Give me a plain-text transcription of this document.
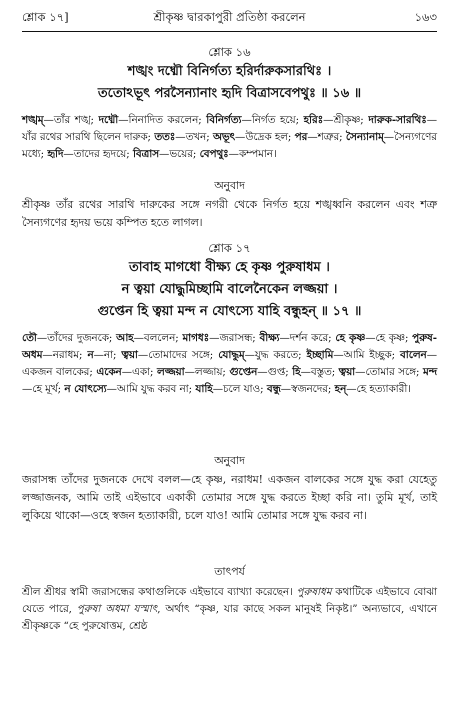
শ্লোক ১৭]	শ্রীকৃষ্ণ দ্বারকাপুরী প্রতিষ্ঠা করলেন	১৬৩
শ্লোক ১৬
শঙ্খং দধ্মৌ বিনির্গত্য হরির্দারুকসারথিঃ ।
ততোঽভূৎ পরসৈন্যানাং হৃদি বিত্রাসবেপথুঃ ॥ ১৬ ॥
শঙ্খম্—তাঁর শঙ্খ; দধ্মৌ—নিনাদিত করলেন; বিনির্গত্য—নির্গত হয়ে; হরিঃ—শ্রীকৃষ্ণ; দারুক-সারথিঃ—যাঁর রথের সারথি ছিলেন দারুক; ততঃ—তখন; অভূৎ—উদ্রেক হল; পর—শত্রুর; সৈন্যানাম্—সৈন্যগণের মধ্যে; হৃদি—তাদের হৃদয়ে; বিত্রাস—ভয়ের; বেপথুঃ—কম্পমান।
অনুবাদ
শ্রীকৃষ্ণ তাঁর রথের সারথি দারুকের সঙ্গে নগরী থেকে নির্গত হয়ে শঙ্খধ্বনি করলেন এবং শত্রু সৈন্যগণের হৃদয় ভয়ে কম্পিত হতে লাগল।
শ্লোক ১৭
তাবাহ মাগধো বীক্ষ্য হে কৃষ্ণ পুরুষাধম ।
ন ত্বয়া যোদ্ধুমিচ্ছামি বালেনৈকেন লজ্জয়া ।
গুপ্তেন হি ত্বয়া মন্দ ন যোৎস্যে যাহি বন্ধুহন্ ॥ ১৭ ॥
তৌ—তাঁদের দুজনকে; আহ—বললেন; মাগধঃ—জরাসন্ধ; বীক্ষ্য—দর্শন করে; হে কৃষ্ণ—হে কৃষ্ণ; পুরুষ-অধম—নরাধম; ন—না; ত্বয়া—তোমাদের সঙ্গে; যোদ্ধুম্—যুদ্ধ করতে; ইচ্ছামি—আমি ইচ্ছুক; বালেন—একজন বালকের; একেন—একা; লজ্জয়া—লজ্জায়; গুপ্তেন—গুপ্ত; হি—বস্তুত; ত্বয়া—তোমার সঙ্গে; মন্দ—হে মূর্খ; ন যোৎস্যে—আমি যুদ্ধ করব না; যাহি—চলে যাও; বন্ধু—স্বজনদের; হন্—হে হত্যাকারী।
অনুবাদ
জরাসন্ধ তাঁদের দুজনকে দেখে বলল—হে কৃষ্ণ, নরাধম! একজন বালকের সঙ্গে যুদ্ধ করা যেহেতু লজ্জাজনক, আমি তাই এইভাবে একাকী তোমার সঙ্গে যুদ্ধ করতে ইচ্ছা করি না। তুমি মূর্খ, তাই লুকিয়ে থাকো—ওহে স্বজন হত্যাকারী, চলে যাও! আমি তোমার সঙ্গে যুদ্ধ করব না।
তাৎপর্য
শ্রীল শ্রীধর স্বামী জরাসন্ধের কথাগুলিকে এইভাবে ব্যাখ্যা করেছেন। পুরুষাধম কথাটিকে এইভাবে বোঝা যেতে পারে, পুরুষা অধমা যস্মাৎ, অর্থাৎ “কৃষ্ণ, যার কাছে সকল মানুষই নিকৃষ্ট।” অন্যভাবে, এখানে শ্রীকৃষ্ণকে “হে পুরুষোত্তম, শ্রেষ্ঠ
